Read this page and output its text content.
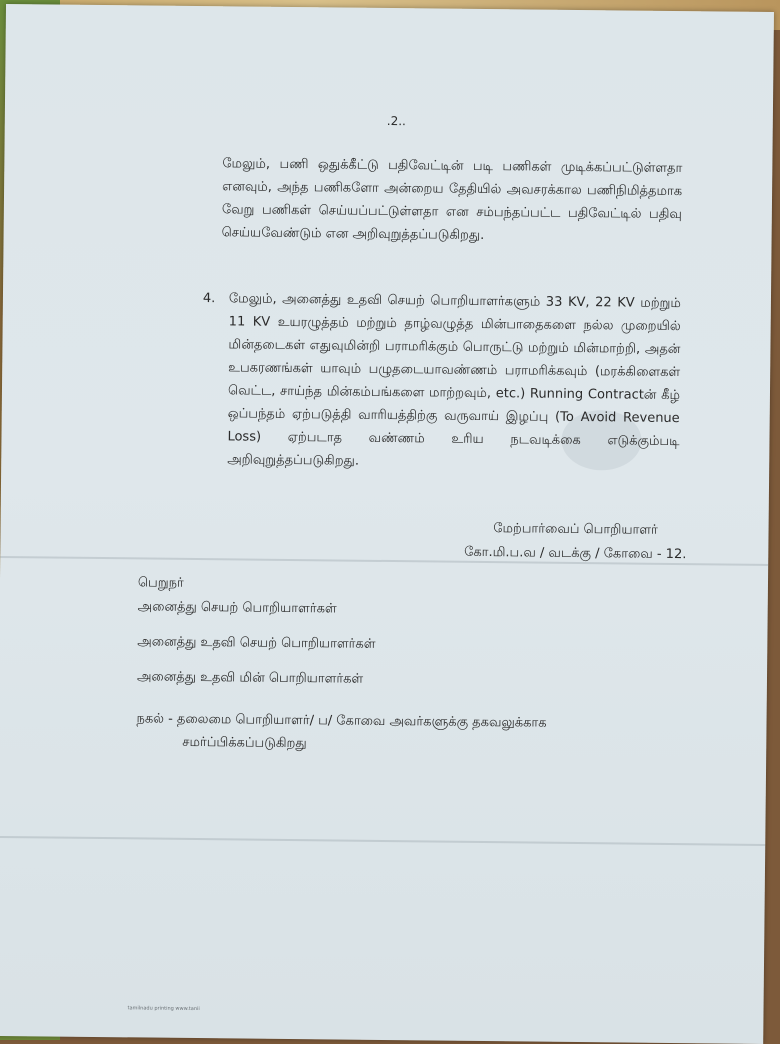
.2..
மேலும், பணி ஒதுக்கீட்டு பதிவேட்டின் படி பணிகள் முடிக்கப்பட்டுள்ளதா எனவும், அந்த பணிகளோ அன்றைய தேதியில் அவசரக்கால பணிநிமித்தமாக வேறு பணிகள் செய்யப்பட்டுள்ளதா என சம்பந்தப்பட்ட பதிவேட்டில் பதிவு செய்யவேண்டும் என அறிவுறுத்தப்படுகிறது.
4. மேலும், அனைத்து உதவி செயற் பொறியாளர்களும் 33 KV, 22 KV மற்றும் 11 KV உயரழுத்தம் மற்றும் தாழ்வழுத்த மின்பாதைகளை நல்ல முறையில் மின்தடைகள் எதுவுமின்றி பராமரிக்கும் பொருட்டு மற்றும் மின்மாற்றி, அதன் உபகரணங்கள் யாவும் பழுதடையாவண்ணம் பராமரிக்கவும் (மரக்கிளைகள் வெட்ட, சாய்ந்த மின்கம்பங்களை மாற்றவும், etc.) Running Contractன் கீழ் ஒப்பந்தம் ஏற்படுத்தி வாரியத்திற்கு வருவாய் இழப்பு (To Avoid Revenue Loss) ஏற்படாத வண்ணம் உரிய நடவடிக்கை எடுக்கும்படி அறிவுறுத்தப்படுகிறது.
மேற்பார்வைப் பொறியாளர்
கோ.மி.ப.வ / வடக்கு / கோவை - 12.
பெறுநர்
அனைத்து செயற் பொறியாளர்கள்
அனைத்து உதவி செயற் பொறியாளர்கள்
அனைத்து உதவி மின் பொறியாளர்கள்
நகல் - தலைமை பொறியாளர்/ ப/ கோவை அவர்களுக்கு தகவலுக்காக
சமர்ப்பிக்கப்படுகிறது
tamilnadu printing www.tanii
